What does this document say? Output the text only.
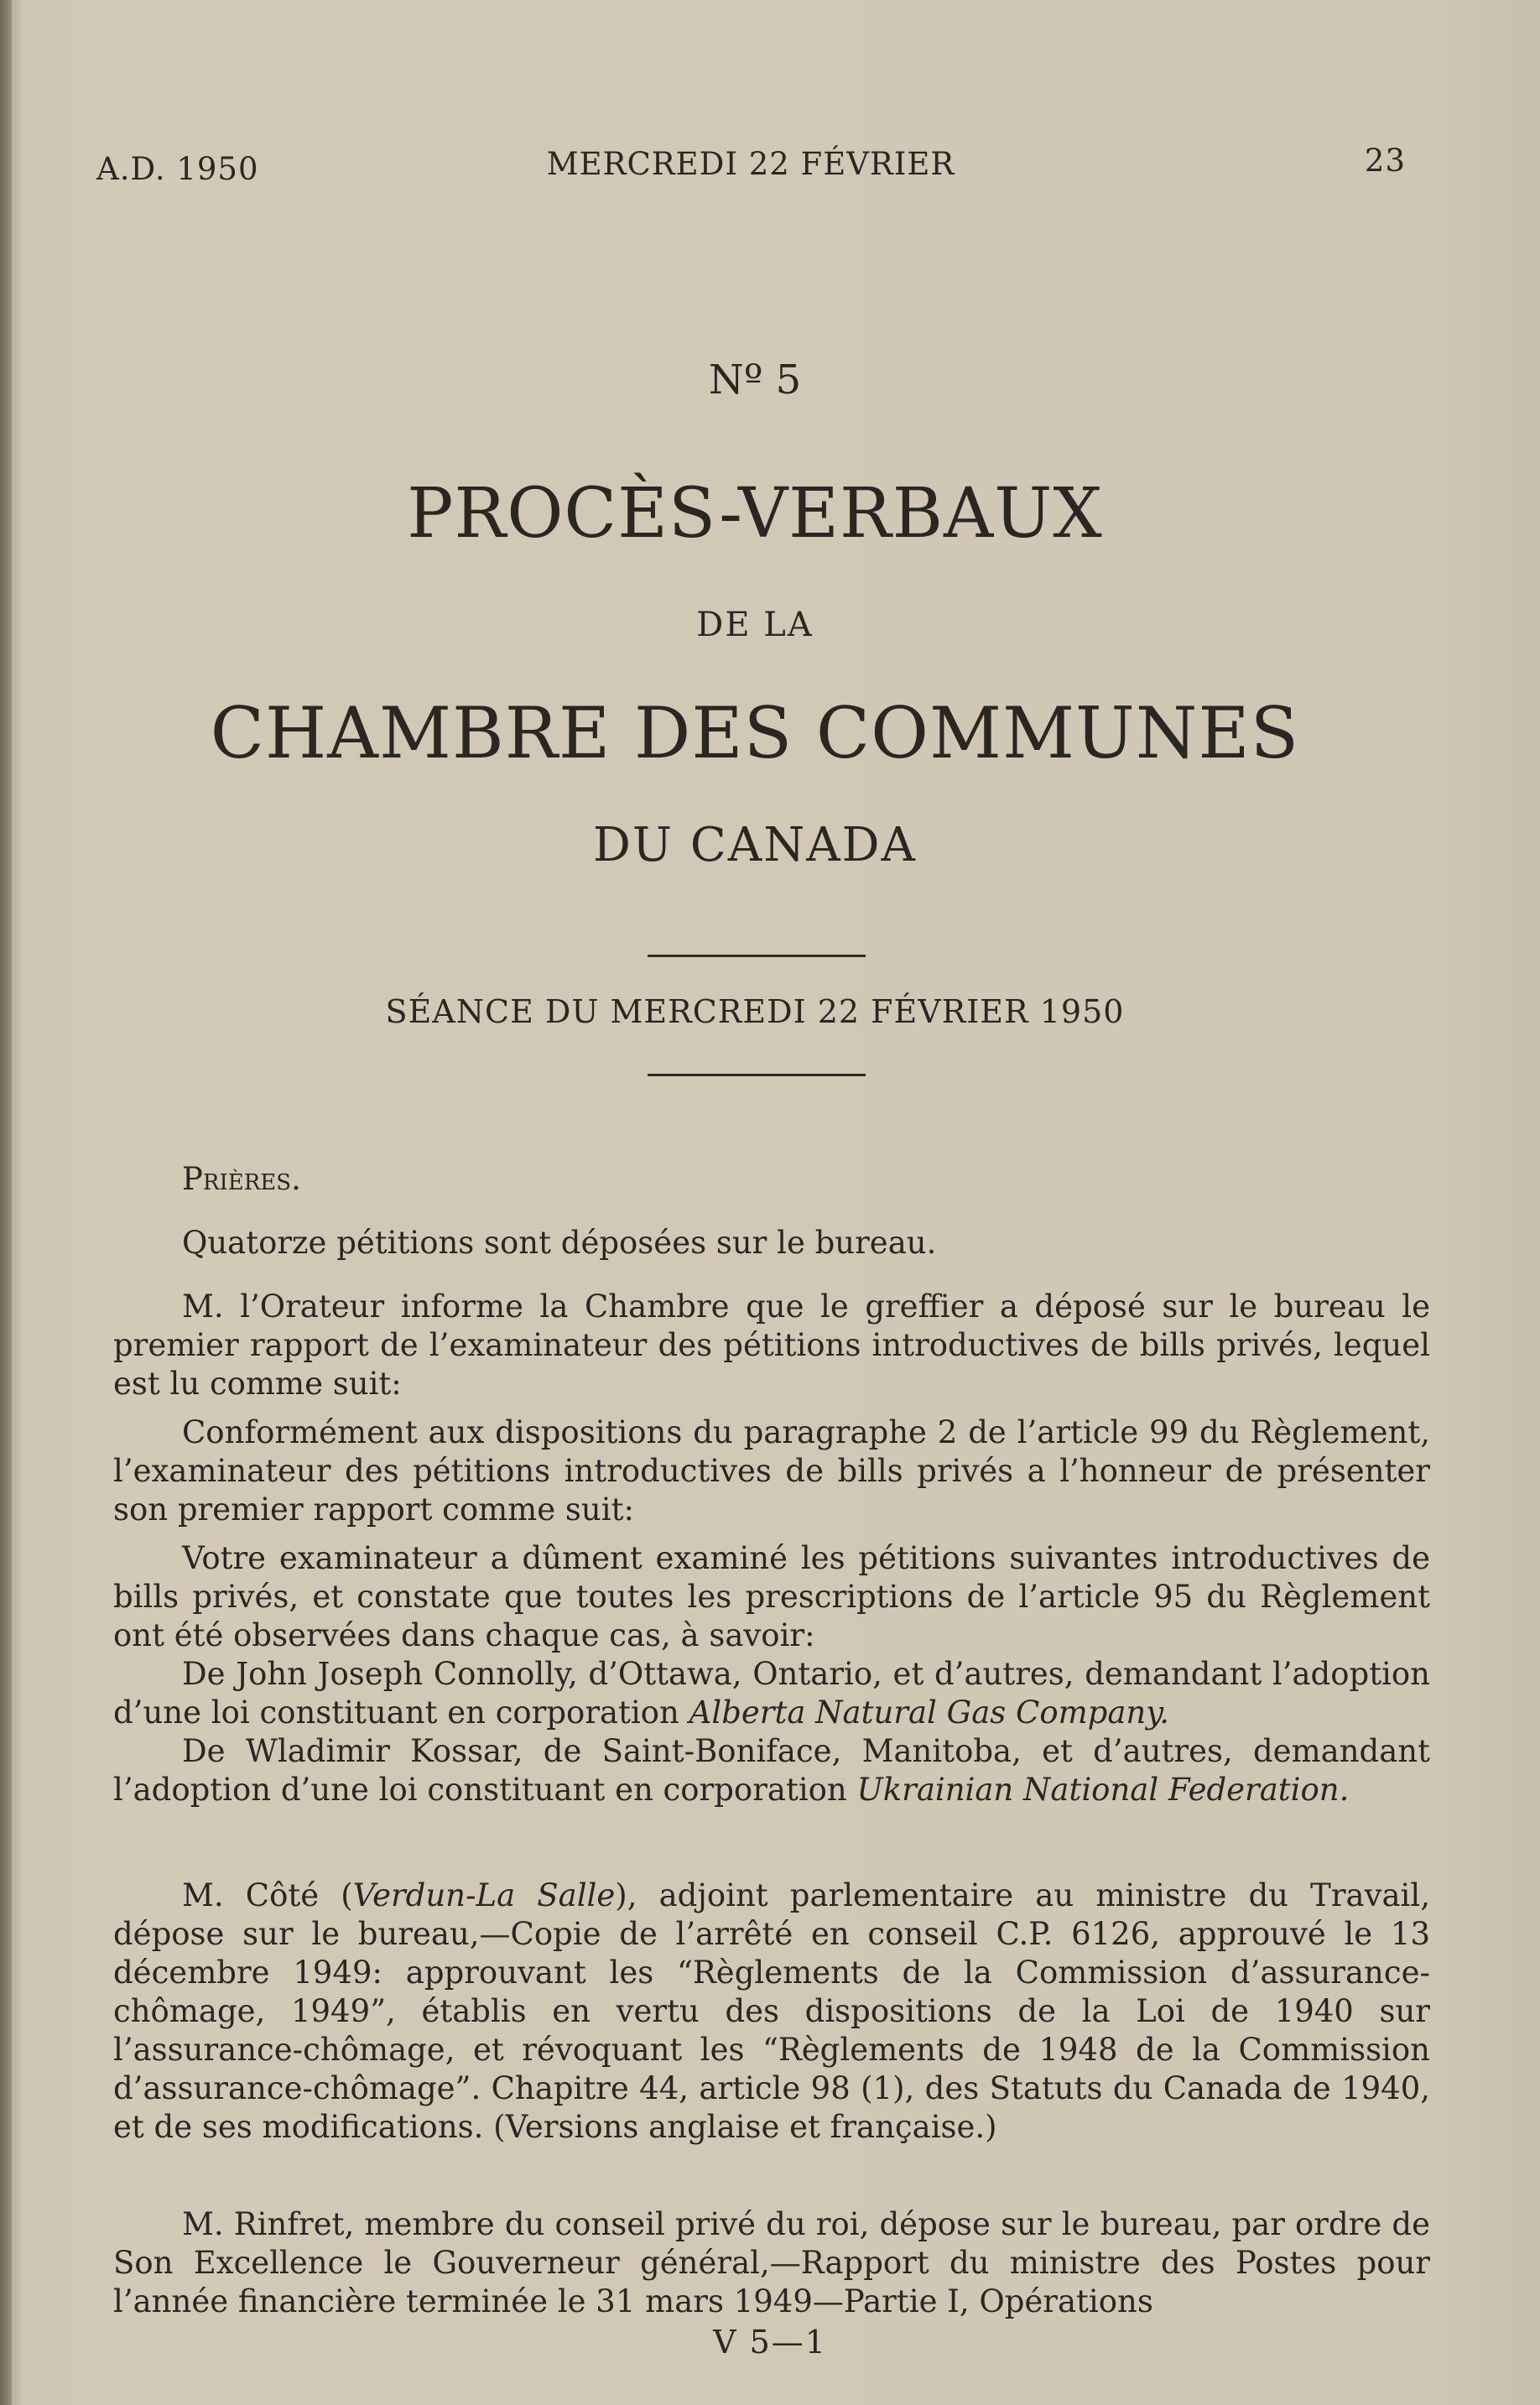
A.D. 1950	MERCREDI 22 FÉVRIER	23
Nº 5
PROCÈS-VERBAUX
DE LA
CHAMBRE DES COMMUNES
DU CANADA
SÉANCE DU MERCREDI 22 FÉVRIER 1950

Prières.

Quatorze pétitions sont déposées sur le bureau.

M. l’Orateur informe la Chambre que le greffier a déposé sur le bureau le premier rapport de l’examinateur des pétitions introductives de bills privés, lequel est lu comme suit:

Conformément aux dispositions du paragraphe 2 de l’article 99 du Règlement, l’examinateur des pétitions introductives de bills privés a l’honneur de présenter son premier rapport comme suit:

Votre examinateur a dûment examiné les pétitions suivantes introductives de bills privés, et constate que toutes les prescriptions de l’article 95 du Règlement ont été observées dans chaque cas, à savoir:

De John Joseph Connolly, d’Ottawa, Ontario, et d’autres, demandant l’adoption d’une loi constituant en corporation Alberta Natural Gas Company.

De Wladimir Kossar, de Saint-Boniface, Manitoba, et d’autres, demandant l’adoption d’une loi constituant en corporation Ukrainian National Federation.

M. Côté (Verdun-La Salle), adjoint parlementaire au ministre du Travail, dépose sur le bureau,—Copie de l’arrêté en conseil C.P. 6126, approuvé le 13 décembre 1949: approuvant les “Règlements de la Commission d’assurance-chômage, 1949”, établis en vertu des dispositions de la Loi de 1940 sur l’assurance-chômage, et révoquant les “Règlements de 1948 de la Commission d’assurance-chômage”. Chapitre 44, article 98 (1), des Statuts du Canada de 1940, et de ses modifications. (Versions anglaise et française.)

M. Rinfret, membre du conseil privé du roi, dépose sur le bureau, par ordre de Son Excellence le Gouverneur général,—Rapport du ministre des Postes pour l’année financière terminée le 31 mars 1949—Partie I, Opérations

V 5—1
